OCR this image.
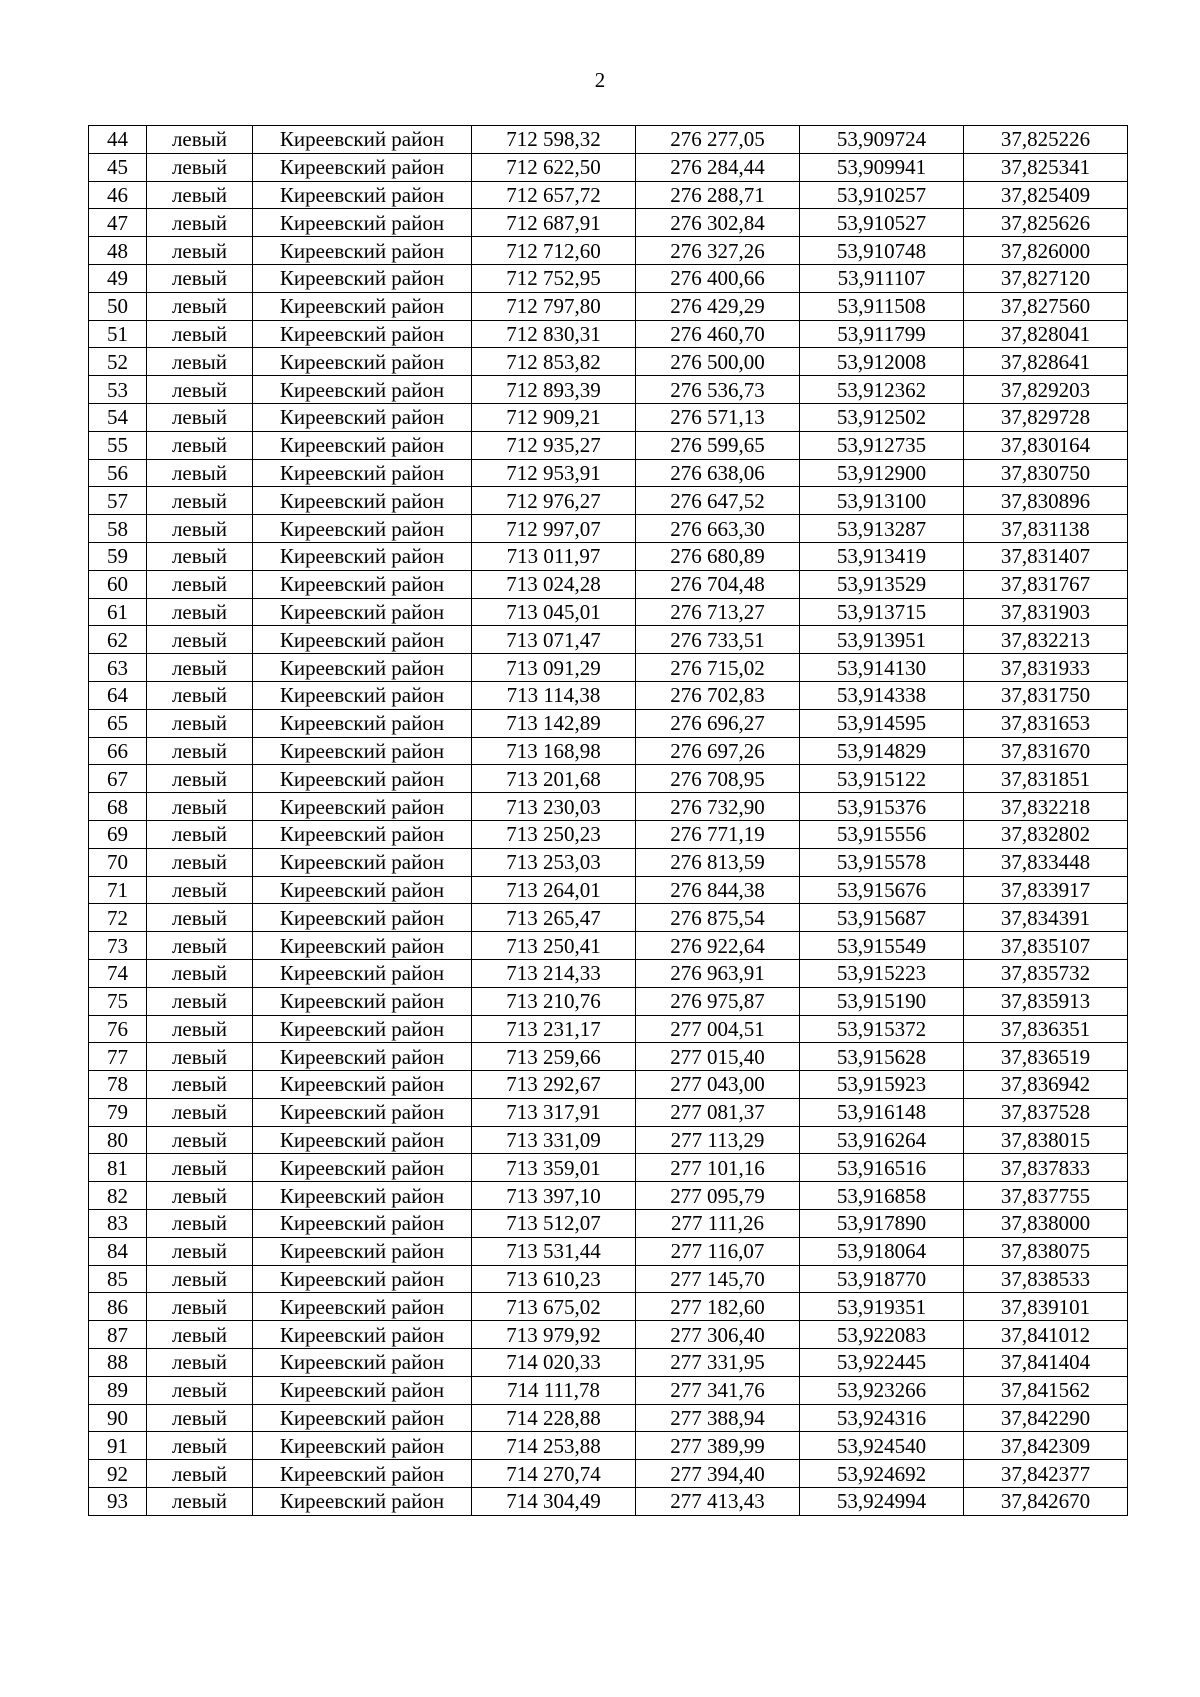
2
44	левый	Киреевский район	712 598,32	276 277,05	53,909724	37,825226
45	левый	Киреевский район	712 622,50	276 284,44	53,909941	37,825341
46	левый	Киреевский район	712 657,72	276 288,71	53,910257	37,825409
47	левый	Киреевский район	712 687,91	276 302,84	53,910527	37,825626
48	левый	Киреевский район	712 712,60	276 327,26	53,910748	37,826000
49	левый	Киреевский район	712 752,95	276 400,66	53,911107	37,827120
50	левый	Киреевский район	712 797,80	276 429,29	53,911508	37,827560
51	левый	Киреевский район	712 830,31	276 460,70	53,911799	37,828041
52	левый	Киреевский район	712 853,82	276 500,00	53,912008	37,828641
53	левый	Киреевский район	712 893,39	276 536,73	53,912362	37,829203
54	левый	Киреевский район	712 909,21	276 571,13	53,912502	37,829728
55	левый	Киреевский район	712 935,27	276 599,65	53,912735	37,830164
56	левый	Киреевский район	712 953,91	276 638,06	53,912900	37,830750
57	левый	Киреевский район	712 976,27	276 647,52	53,913100	37,830896
58	левый	Киреевский район	712 997,07	276 663,30	53,913287	37,831138
59	левый	Киреевский район	713 011,97	276 680,89	53,913419	37,831407
60	левый	Киреевский район	713 024,28	276 704,48	53,913529	37,831767
61	левый	Киреевский район	713 045,01	276 713,27	53,913715	37,831903
62	левый	Киреевский район	713 071,47	276 733,51	53,913951	37,832213
63	левый	Киреевский район	713 091,29	276 715,02	53,914130	37,831933
64	левый	Киреевский район	713 114,38	276 702,83	53,914338	37,831750
65	левый	Киреевский район	713 142,89	276 696,27	53,914595	37,831653
66	левый	Киреевский район	713 168,98	276 697,26	53,914829	37,831670
67	левый	Киреевский район	713 201,68	276 708,95	53,915122	37,831851
68	левый	Киреевский район	713 230,03	276 732,90	53,915376	37,832218
69	левый	Киреевский район	713 250,23	276 771,19	53,915556	37,832802
70	левый	Киреевский район	713 253,03	276 813,59	53,915578	37,833448
71	левый	Киреевский район	713 264,01	276 844,38	53,915676	37,833917
72	левый	Киреевский район	713 265,47	276 875,54	53,915687	37,834391
73	левый	Киреевский район	713 250,41	276 922,64	53,915549	37,835107
74	левый	Киреевский район	713 214,33	276 963,91	53,915223	37,835732
75	левый	Киреевский район	713 210,76	276 975,87	53,915190	37,835913
76	левый	Киреевский район	713 231,17	277 004,51	53,915372	37,836351
77	левый	Киреевский район	713 259,66	277 015,40	53,915628	37,836519
78	левый	Киреевский район	713 292,67	277 043,00	53,915923	37,836942
79	левый	Киреевский район	713 317,91	277 081,37	53,916148	37,837528
80	левый	Киреевский район	713 331,09	277 113,29	53,916264	37,838015
81	левый	Киреевский район	713 359,01	277 101,16	53,916516	37,837833
82	левый	Киреевский район	713 397,10	277 095,79	53,916858	37,837755
83	левый	Киреевский район	713 512,07	277 111,26	53,917890	37,838000
84	левый	Киреевский район	713 531,44	277 116,07	53,918064	37,838075
85	левый	Киреевский район	713 610,23	277 145,70	53,918770	37,838533
86	левый	Киреевский район	713 675,02	277 182,60	53,919351	37,839101
87	левый	Киреевский район	713 979,92	277 306,40	53,922083	37,841012
88	левый	Киреевский район	714 020,33	277 331,95	53,922445	37,841404
89	левый	Киреевский район	714 111,78	277 341,76	53,923266	37,841562
90	левый	Киреевский район	714 228,88	277 388,94	53,924316	37,842290
91	левый	Киреевский район	714 253,88	277 389,99	53,924540	37,842309
92	левый	Киреевский район	714 270,74	277 394,40	53,924692	37,842377
93	левый	Киреевский район	714 304,49	277 413,43	53,924994	37,842670
